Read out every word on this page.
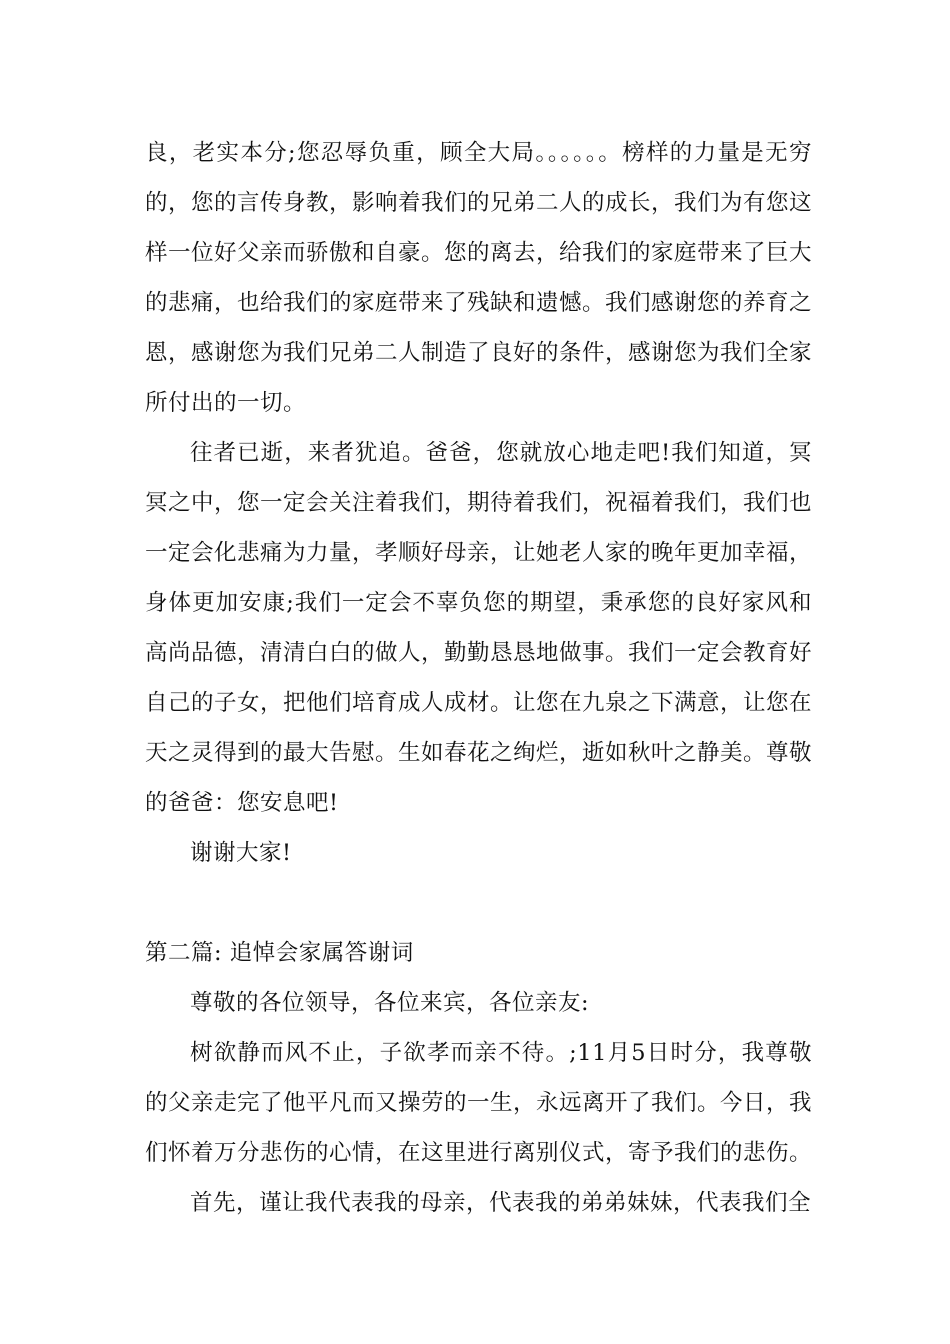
良，老实本分;您忍辱负重，顾全大局。。。。。。榜样的力量是无穷的，您的言传身教，影响着我们的兄弟二人的成长，我们为有您这样一位好父亲而骄傲和自豪。您的离去，给我们的家庭带来了巨大的悲痛，也给我们的家庭带来了残缺和遗憾。我们感谢您的养育之恩，感谢您为我们兄弟二人制造了良好的条件，感谢您为我们全家所付出的一切。

往者已逝，来者犹追。爸爸，您就放心地走吧!我们知道，冥冥之中，您一定会关注着我们，期待着我们，祝福着我们，我们也一定会化悲痛为力量，孝顺好母亲，让她老人家的晚年更加幸福，身体更加安康;我们一定会不辜负您的期望，秉承您的良好家风和高尚品德，清清白白的做人，勤勤恳恳地做事。我们一定会教育好自己的子女，把他们培育成人成材。让您在九泉之下满意，让您在天之灵得到的最大告慰。生如春花之绚烂，逝如秋叶之静美。尊敬的爸爸：您安息吧!

谢谢大家!

第二篇: 追悼会家属答谢词

尊敬的各位领导，各位来宾，各位亲友:

树欲静而风不止，子欲孝而亲不待。;11月5日时分，我尊敬的父亲走完了他平凡而又操劳的一生，永远离开了我们。今日，我们怀着万分悲伤的心情，在这里进行离别仪式，寄予我们的悲伤。

首先，谨让我代表我的母亲，代表我的弟弟妹妹，代表我们全
